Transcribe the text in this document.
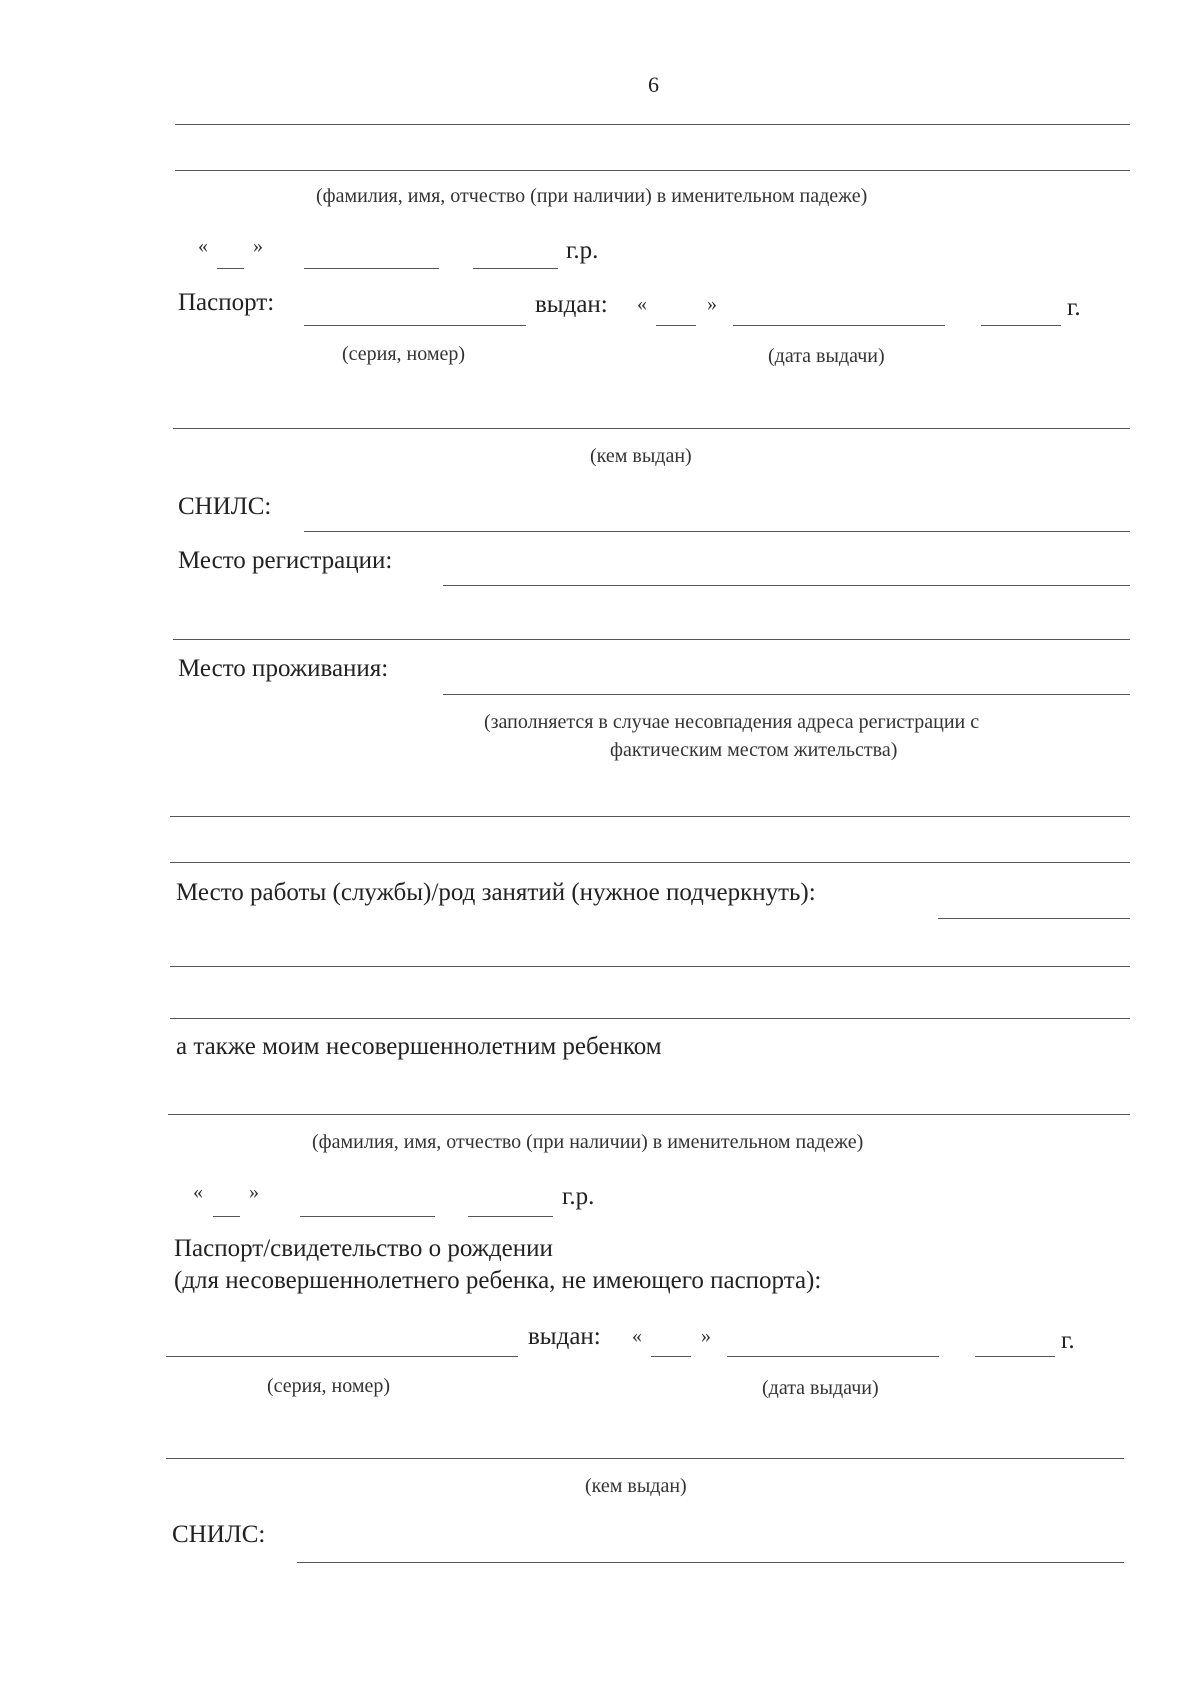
6
(фамилия, имя, отчество (при наличии) в именительном падеже)
« »	г.р.
Паспорт:	выдан: «	»	г.
(серия, номер)	(дата выдачи)
(кем выдан)
СНИЛС:
Место регистрации:
Место проживания:
(заполняется в случае несовпадения адреса регистрации с
фактическим местом жительства)
Место работы (службы)/род занятий (нужное подчеркнуть):
а также моим несовершеннолетним ребенком
(фамилия, имя, отчество (при наличии) в именительном падеже)
« »	г.р.
Паспорт/свидетельство о рождении
(для несовершеннолетнего ребенка, не имеющего паспорта):
выдан: «	»	г.
(серия, номер)	(дата выдачи)
(кем выдан)
СНИЛС:
